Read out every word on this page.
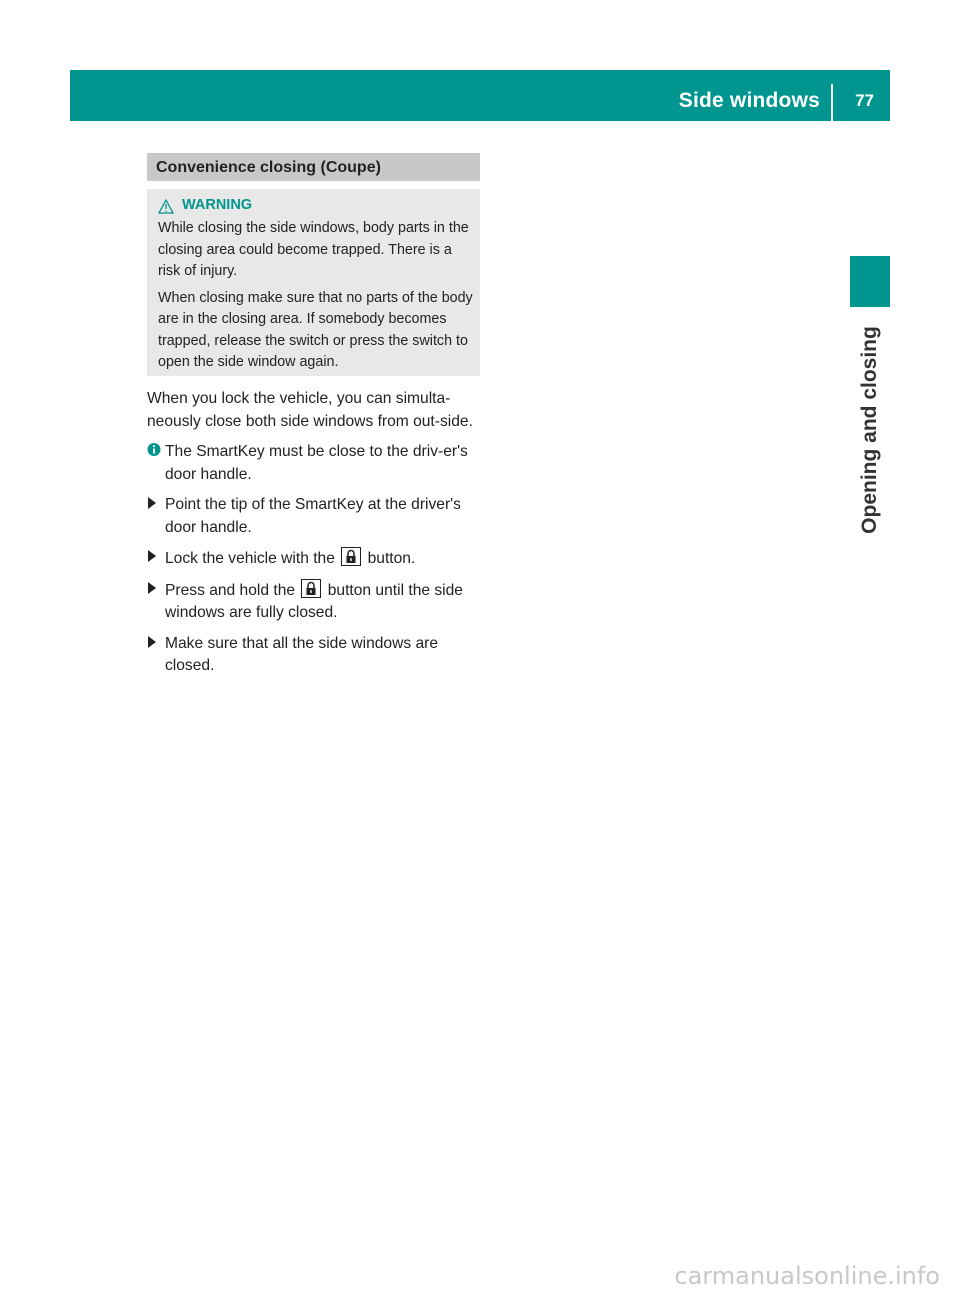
Side windows 77
Opening and closing
Convenience closing (Coupe)
WARNING

While closing the side windows, body parts in the closing area could become trapped. There is a risk of injury.

When closing make sure that no parts of the body are in the closing area. If somebody becomes trapped, release the switch or press the switch to open the side window again.

When you lock the vehicle, you can simulta-neously close both side windows from out-side.

The SmartKey must be close to the driv-er's door handle.
Point the tip of the SmartKey at the driver's door handle.
Lock the vehicle with the button.
Press and hold the button until the side windows are fully closed.
Make sure that all the side windows are closed.
carmanualsonline.info
